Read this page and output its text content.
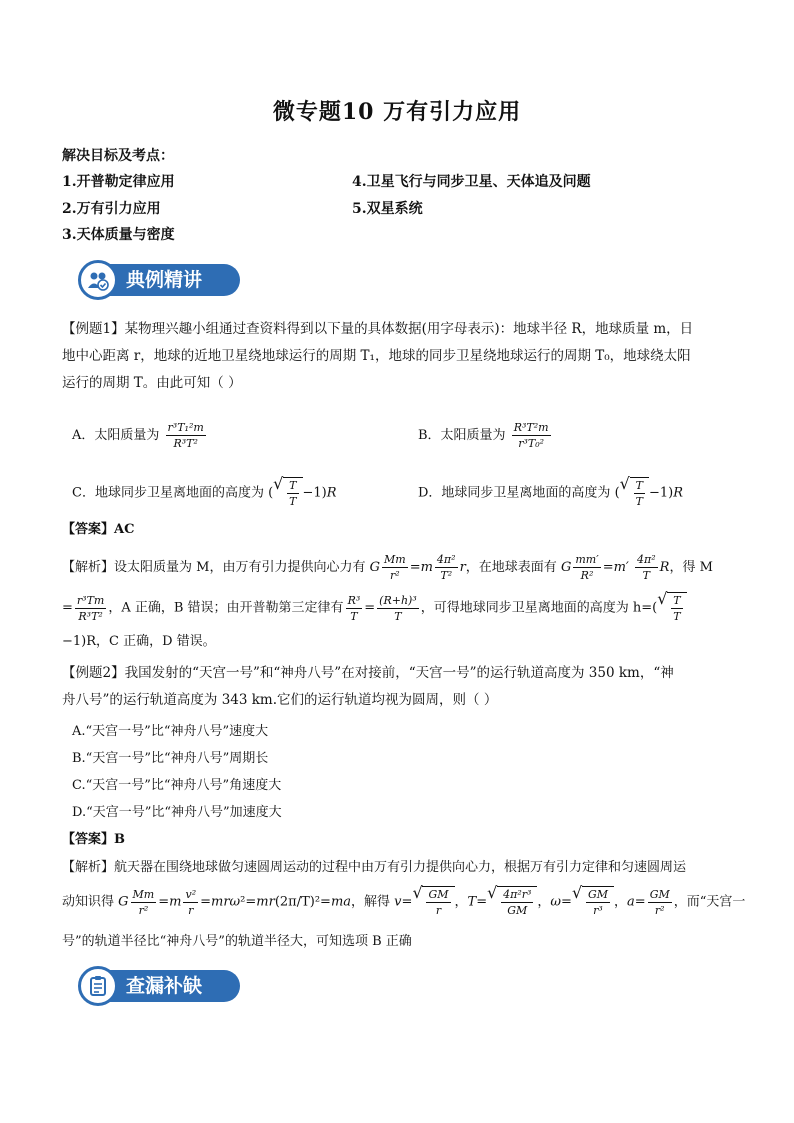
微专题10 万有引力应用
解决目标及考点：
1.开普勒定律应用
2.万有引力应用
3.天体质量与密度
4.卫星飞行与同步卫星、天体追及问题
5.双星系统
典例精讲
【例题1】某物理兴趣小组通过查资料得到以下量的具体数据(用字母表示)：地球半径 R，地球质量 m，日
地中心距离 r，地球的近地卫星绕地球运行的周期 T₁，地球的同步卫星绕地球运行的周期 T₀，地球绕太阳
运行的周期 T。由此可知（ ）
A．太阳质量为 $\frac{\text{r³T₁²m}}{\text{R³T²}}$	B．太阳质量为 $\frac{\text{R³T²m}}{\text{r³T₀²}}$
C．地球同步卫星离地面的高度为 ( √ $\frac{T}{T} -1)R$	D．地球同步卫星离地面的高度为 ( √ $\frac{T}{T} -1)R$
【答案】AC
【解析】设太阳质量为 M，由万有引力提供向心力有 G $\frac{Mm}{\text{r²}} =m \frac{\text{4π²}}{\text{T²}}$ r，在地球表面有 G $\frac{mm'}{\text{R²}} =m' \frac{\text{4π²}}{T}$ R，得 M
= $\frac{\text{r³Tm}}{\text{R³T²}}$ ，A 正确，B 错误；由开普勒第三定律有 $\frac{\text{R³}}{T} = \frac{\text{(R+h)³}}{T}$ ，可得地球同步卫星离地面的高度为 h=( √ $\frac{T}{T}$
−1)R，C 正确，D 错误。
【例题2】我国发射的“天宫一号”和“神舟八号”在对接前，“天宫一号”的运行轨道高度为 350 km，“神
舟八号”的运行轨道高度为 343 km.它们的运行轨道均视为圆周，则（ ）
A.“天宫一号”比“神舟八号”速度大
B.“天宫一号”比“神舟八号”周期长
C.“天宫一号”比“神舟八号”角速度大
D.“天宫一号”比“神舟八号”加速度大
【答案】B
【解析】航天器在围绕地球做匀速圆周运动的过程中由万有引力提供向心力，根据万有引力定律和匀速圆周运
动知识得 G $\frac{Mm}{\text{r²}} =m \frac{\text{v²}}{r} =mr\omega^2=mr(2\pi/T)^2=ma$，解得 v= √ $\frac{GM}{r}$ ，T= √ $\frac{\text{4π²r³}}{GM}$ ，ω= √ $\frac{GM}{\text{r³}}$ ，$a= \frac{GM}{\text{r²}}$ ，而“天宫一
号”的轨道半径比“神舟八号”的轨道半径大，可知选项 B 正确
查漏补缺
